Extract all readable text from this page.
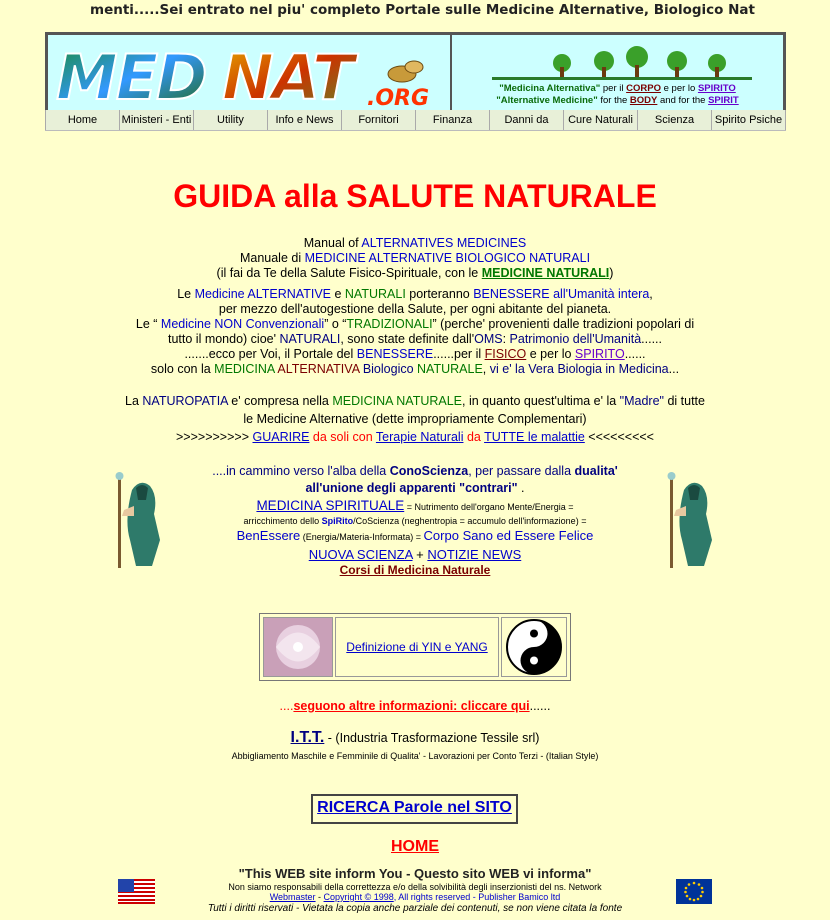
menti.....Sei entrato nel piu' completo Portale sulle Medicine Alternative, Biologico Nat
MED NAT .ORG	"Medicina Alternativa" per il CORPO e per lo SPIRITO
"Alternative Medicine" for the BODY and for the SPIRIT
Home	Ministeri - Enti	Utility	Info e News	Fornitori	Finanza	Danni da	Cure Naturali	Scienza	Spirito Psiche
GUIDA alla SALUTE NATURALE
Manual of ALTERNATIVES MEDICINES
Manuale di MEDICINE ALTERNATIVE BIOLOGICO NATURALI
(il fai da Te della Salute Fisico-Spirituale, con le MEDICINE NATURALI)
Le Medicine ALTERNATIVE e NATURALI porteranno BENESSERE all'Umanità intera,
per mezzo dell'autogestione della Salute, per ogni abitante del pianeta.
Le “ Medicine NON Convenzionali” o “TRADIZIONALI” (perche' provenienti dalle tradizioni popolari di
tutto il mondo) cioe' NATURALI, sono state definite dall'OMS: Patrimonio dell'Umanità......
.......ecco per Voi, il Portale del BENESSERE......per il FISICO e per lo SPIRITO......
solo con la MEDICINA ALTERNATIVA Biologico NATURALE, vi e' la Vera Biologia in Medicina...
La NATUROPATIA e' compresa nella MEDICINA NATURALE, in quanto quest'ultima e' la "Madre" di tutte
le Medicine Alternative (dette impropriamente Complementari)
>>>>>>>>>> GUARIRE da soli con Terapie Naturali da TUTTE le malattie <<<<<<<<<
....in cammino verso l'alba della ConoScienza, per passare dalla dualita'
all'unione degli apparenti "contrari" .
MEDICINA SPIRITUALE = Nutrimento dell'organo Mente/Energia =
arricchimento dello SpiRito/CoScienza (neghentropia = accumulo dell'informazione) =
BenEssere (Energia/Materia-Informata) = Corpo Sano ed Essere Felice
NUOVA SCIENZA + NOTIZIE NEWS
Corsi di Medicina Naturale
Definizione di YIN e YANG
....seguono altre informazioni: cliccare qui......
I.T.T. - (Industria Trasformazione Tessile srl)
Abbigliamento Maschile e Femminile di Qualita' - Lavorazioni per Conto Terzi - (Italian Style)
RICERCA Parole nel SITO
HOME
"This WEB site inform You - Questo sito WEB vi informa"
Non siamo responsabili della correttezza e/o della solvibilità degli inserzionisti del ns. Network
Webmaster - Copyright © 1998, All rights reserved - Publisher Bamico ltd
Tutti i diritti riservati - Vietata la copia anche parziale dei contenuti, se non viene citata la fonte
